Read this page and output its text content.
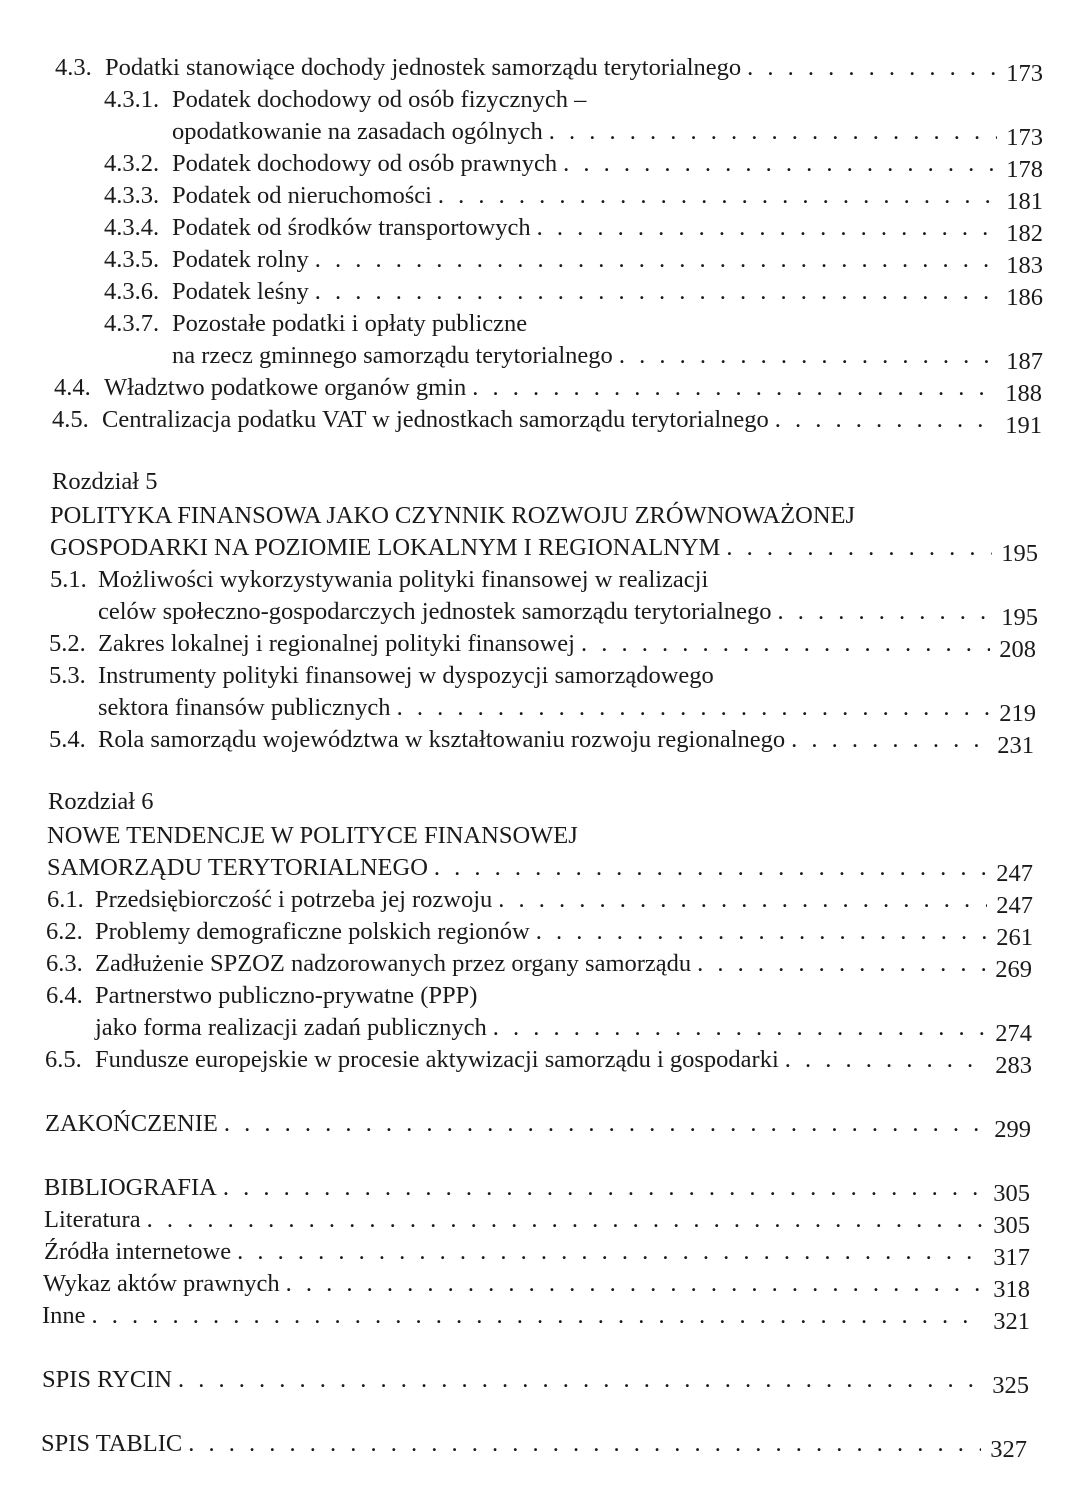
4.3. Podatki stanowiące dochody jednostek samorządu terytorialnego . . .	173
4.3.1. Podatek dochodowy od osób fizycznych –
opodatkowanie na zasadach ogólnych . . .	173
4.3.2. Podatek dochodowy od osób prawnych . . .	178
4.3.3. Podatek od nieruchomości . . .	181
4.3.4. Podatek od środków transportowych . . .	182
4.3.5. Podatek rolny . . .	183
4.3.6. Podatek leśny . . .	186
4.3.7. Pozostałe podatki i opłaty publiczne
na rzecz gminnego samorządu terytorialnego . . .	187
4.4. Władztwo podatkowe organów gmin . . .	188
4.5. Centralizacja podatku VAT w jednostkach samorządu terytorialnego . . .	191
Rozdział 5
POLITYKA FINANSOWA JAKO CZYNNIK ROZWOJU ZRÓWNOWAŻONEJ
GOSPODARKI NA POZIOMIE LOKALNYM I REGIONALNYM . . .	195
5.1. Możliwości wykorzystywania polityki finansowej w realizacji
celów społeczno-gospodarczych jednostek samorządu terytorialnego . . .	195
5.2. Zakres lokalnej i regionalnej polityki finansowej . . .	208
5.3. Instrumenty polityki finansowej w dyspozycji samorządowego
sektora finansów publicznych . . .	219
5.4. Rola samorządu województwa w kształtowaniu rozwoju regionalnego . . .	231
Rozdział 6
NOWE TENDENCJE W POLITYCE FINANSOWEJ
SAMORZĄDU TERYTORIALNEGO . . .	247
6.1. Przedsiębiorczość i potrzeba jej rozwoju . . .	247
6.2. Problemy demograficzne polskich regionów . . .	261
6.3. Zadłużenie SPZOZ nadzorowanych przez organy samorządu . . .	269
6.4. Partnerstwo publiczno-prywatne (PPP)
jako forma realizacji zadań publicznych . . .	274
6.5. Fundusze europejskie w procesie aktywizacji samorządu i gospodarki . . .	283
ZAKOŃCZENIE . . .	299
BIBLIOGRAFIA . . .	305
Literatura . . .	305
Źródła internetowe . . .	317
Wykaz aktów prawnych . . .	318
Inne . . .	321
SPIS RYCIN . . .	325
SPIS TABLIC . . .	327
